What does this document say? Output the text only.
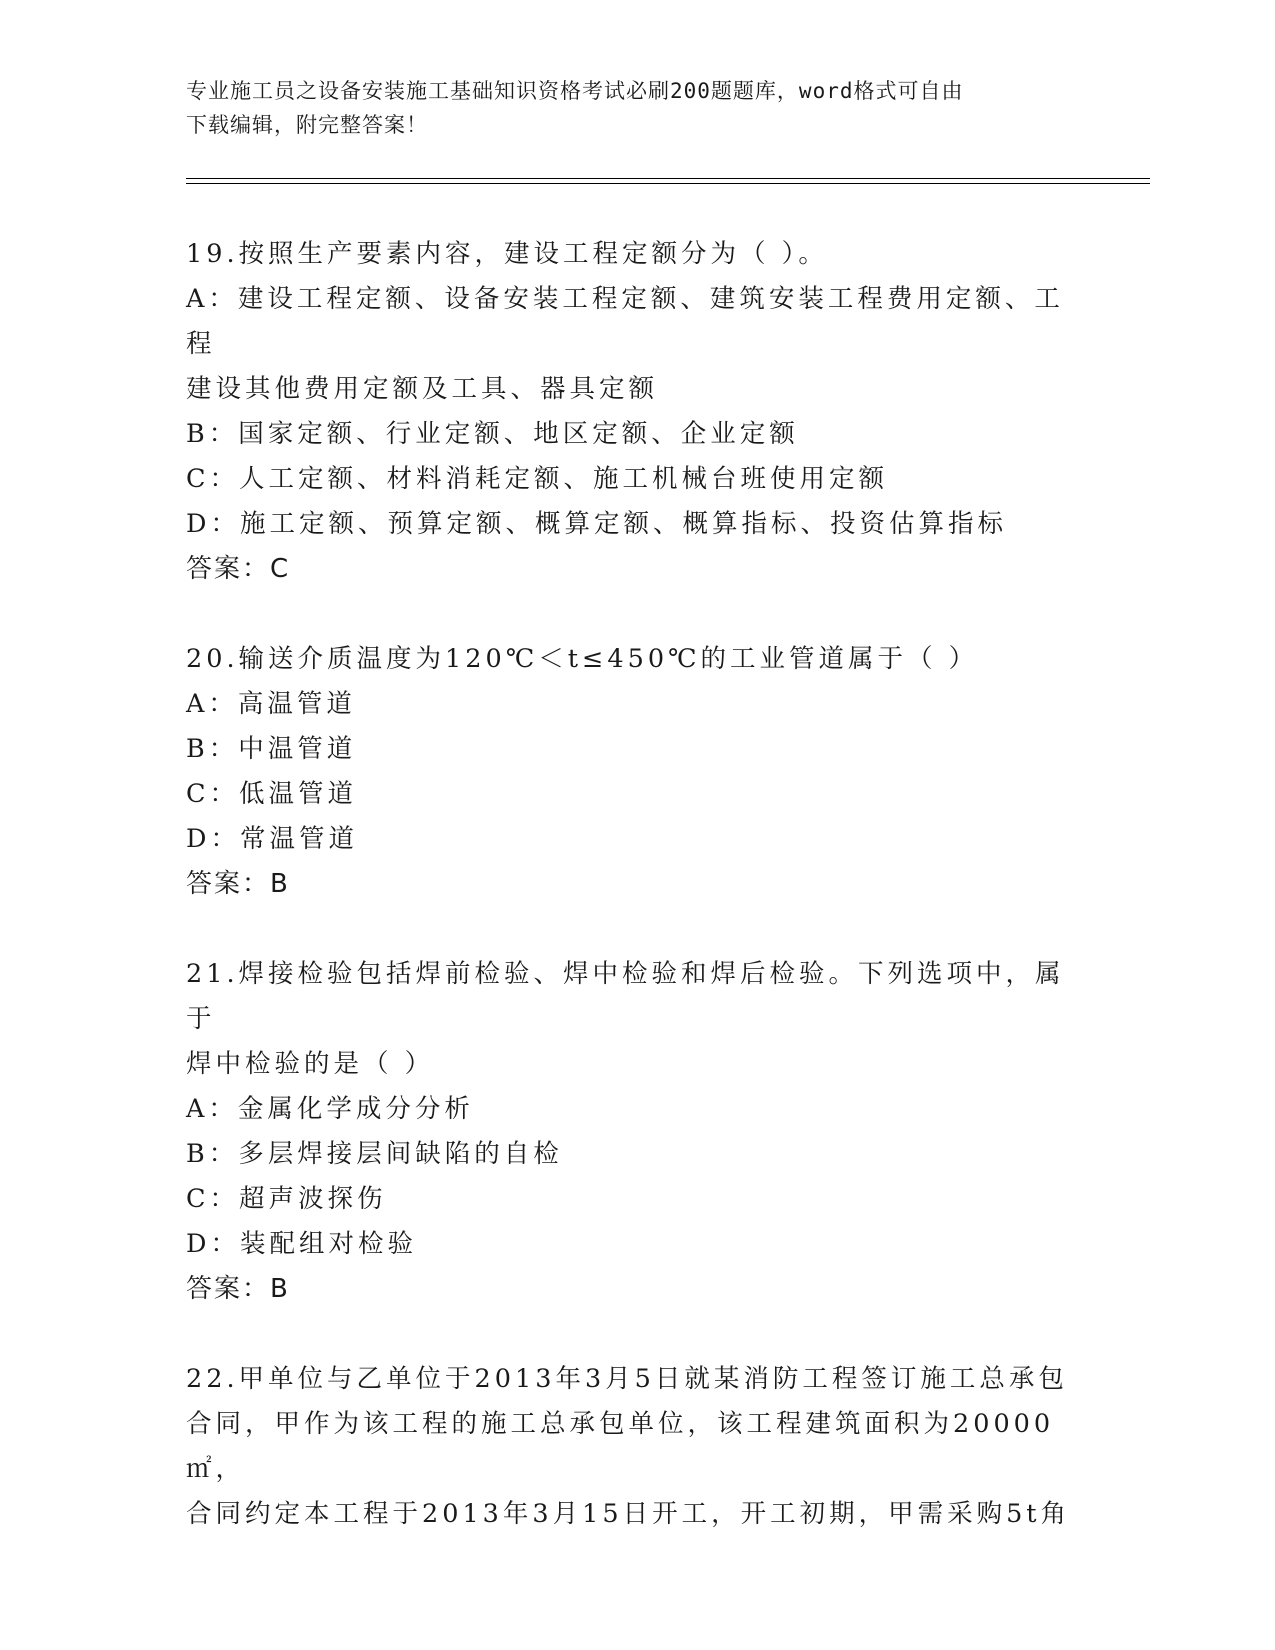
专业施工员之设备安装施工基础知识资格考试必刷200题题库，word格式可自由
下载编辑，附完整答案！

19.按照生产要素内容，建设工程定额分为（ ）。

A：建设工程定额、设备安装工程定额、建筑安装工程费用定额、工程

建设其他费用定额及工具、器具定额

B：国家定额、行业定额、地区定额、企业定额

C：人工定额、材料消耗定额、施工机械台班使用定额

D：施工定额、预算定额、概算定额、概算指标、投资估算指标

答案：C

20.输送介质温度为120℃＜t≤450℃的工业管道属于（ ）

A：高温管道

B：中温管道

C：低温管道

D：常温管道

答案：B

21.焊接检验包括焊前检验、焊中检验和焊后检验。下列选项中，属于

焊中检验的是（ ）

A：金属化学成分分析

B：多层焊接层间缺陷的自检

C：超声波探伤

D：装配组对检验

答案：B

22.甲单位与乙单位于2013年3月5日就某消防工程签订施工总承包

合同，甲作为该工程的施工总承包单位，该工程建筑面积为20000㎡，

合同约定本工程于2013年3月15日开工，开工初期，甲需采购5t角
